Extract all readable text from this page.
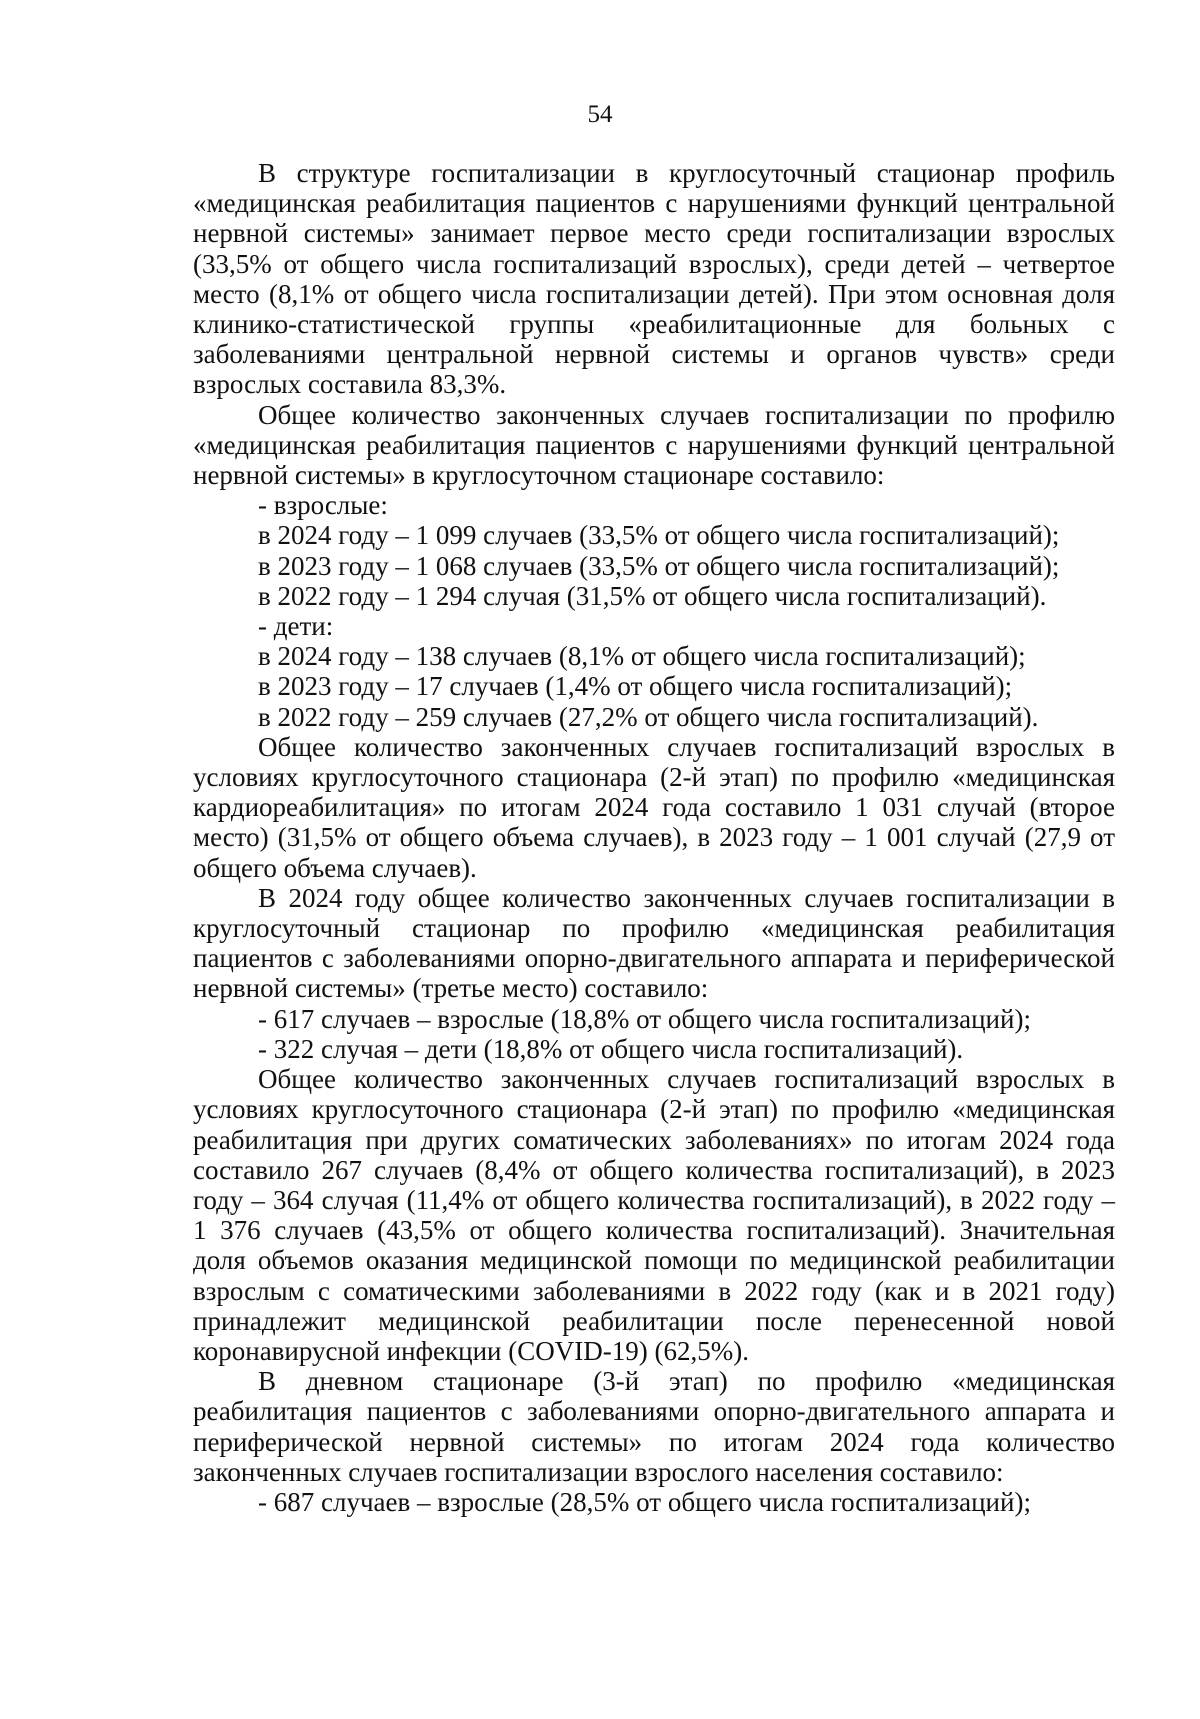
54

В структуре госпитализации в круглосуточный стационар профиль «медицинская реабилитация пациентов с нарушениями функций центральной нервной системы» занимает первое место среди госпитализации взрослых (33,5% от общего числа госпитализаций взрослых), среди детей – четвертое место (8,1% от общего числа госпитализации детей). При этом основная доля клинико-статистической группы «реабилитационные для больных с заболеваниями центральной нервной системы и органов чувств» среди взрослых составила 83,3%.

Общее количество законченных случаев госпитализации по профилю «медицинская реабилитация пациентов с нарушениями функций центральной нервной системы» в круглосуточном стационаре составило:

- взрослые:

в 2024 году – 1 099 случаев (33,5% от общего числа госпитализаций);

в 2023 году – 1 068 случаев (33,5% от общего числа госпитализаций);

в 2022 году – 1 294 случая (31,5% от общего числа госпитализаций).

- дети:

в 2024 году – 138 случаев (8,1% от общего числа госпитализаций);

в 2023 году – 17 случаев (1,4% от общего числа госпитализаций);

в 2022 году – 259 случаев (27,2% от общего числа госпитализаций).

Общее количество законченных случаев госпитализаций взрослых в условиях круглосуточного стационара (2-й этап) по профилю «медицинская кардиореабилитация» по итогам 2024 года составило 1 031 случай (второе место) (31,5% от общего объема случаев), в 2023 году – 1 001 случай (27,9 от общего объема случаев).

В 2024 году общее количество законченных случаев госпитализации в круглосуточный стационар по профилю «медицинская реабилитация пациентов с заболеваниями опорно-двигательного аппарата и периферической нервной системы» (третье место) составило:

- 617 случаев – взрослые (18,8% от общего числа госпитализаций);

- 322 случая – дети (18,8% от общего числа госпитализаций).

Общее количество законченных случаев госпитализаций взрослых в условиях круглосуточного стационара (2-й этап) по профилю «медицинская реабилитация при других соматических заболеваниях» по итогам 2024 года составило 267 случаев (8,4% от общего количества госпитализаций), в 2023 году – 364 случая (11,4% от общего количества госпитализаций), в 2022 году – 1 376 случаев (43,5% от общего количества госпитализаций). Значительная доля объемов оказания медицинской помощи по медицинской реабилитации взрослым с соматическими заболеваниями в 2022 году (как и в 2021 году) принадлежит медицинской реабилитации после перенесенной новой коронавирусной инфекции (COVID-19) (62,5%).

В дневном стационаре (3-й этап) по профилю «медицинская реабилитация пациентов с заболеваниями опорно-двигательного аппарата и периферической нервной системы» по итогам 2024 года количество законченных случаев госпитализации взрослого населения составило:

- 687 случаев – взрослые (28,5% от общего числа госпитализаций);
